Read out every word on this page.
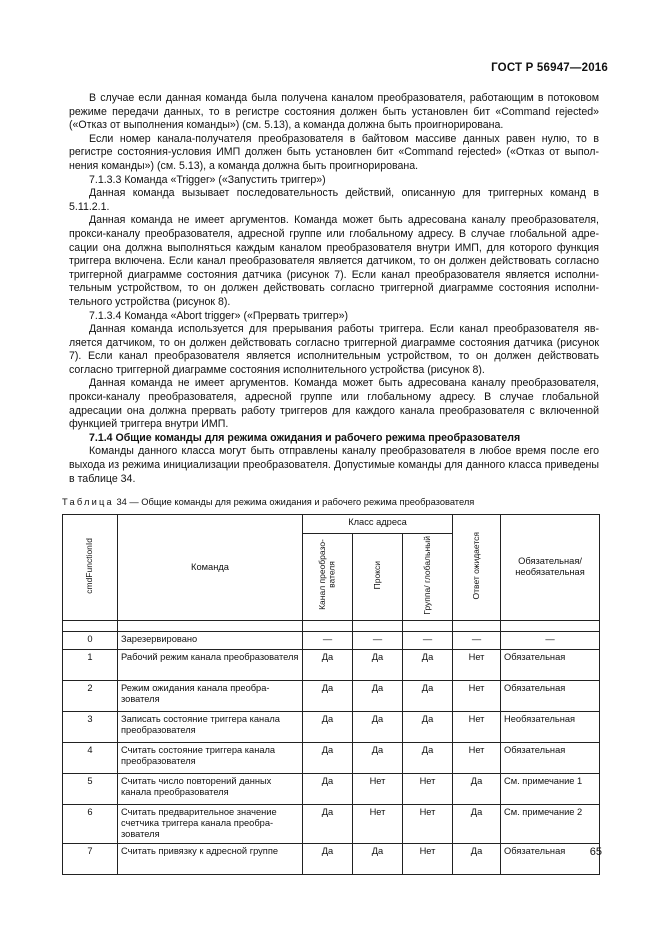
ГОСТ Р 56947—2016

В случае если данная команда была получена каналом преобразователя, работающим в потоковом режиме передачи данных, то в регистре состояния должен быть установлен бит «Command rejected» («Отказ от выполнения команды») (см. 5.13), а команда должна быть проигнорирована.

Если номер канала-получателя преобразователя в байтовом массиве данных равен нулю, то в регистре состояния-условия ИМП должен быть установлен бит «Command rejected» («Отказ от выполнения команды») (см. 5.13), а команда должна быть проигнорирована.

7.1.3.3 Команда «Trigger» («Запустить триггер»)

Данная команда вызывает последовательность действий, описанную для триггерных команд в 5.11.2.1.

Данная команда не имеет аргументов. Команда может быть адресована каналу преобразователя, прокси-каналу преобразователя, адресной группе или глобальному адресу. В случае глобальной адресации она должна выполняться каждым каналом преобразователя внутри ИМП, для которого функция триггера включена. Если канал преобразователя является датчиком, то он должен действовать согласно триггерной диаграмме состояния датчика (рисунок 7). Если канал преобразователя является исполнительным устройством, то он должен действовать согласно триггерной диаграмме состояния исполнительного устройства (рисунок 8).

7.1.3.4 Команда «Abort trigger» («Прервать триггер»)

Данная команда используется для прерывания работы триггера. Если канал преобразователя является датчиком, то он должен действовать согласно триггерной диаграмме состояния датчика (рисунок 7). Если канал преобразователя является исполнительным устройством, то он должен действовать согласно триггерной диаграмме состояния исполнительного устройства (рисунок 8).

Данная команда не имеет аргументов. Команда может быть адресована каналу преобразователя, прокси-каналу преобразователя, адресной группе или глобальному адресу. В случае глобальной адресации она должна прервать работу триггеров для каждого канала преобразователя с включенной функцией триггера внутри ИМП.

7.1.4 Общие команды для режима ожидания и рабочего режима преобразователя

Команды данного класса могут быть отправлены каналу преобразователя в любое время после его выхода из режима инициализации преобразователя. Допустимые команды для данного класса приведены в таблице 34.

Таблица 34 — Общие команды для режима ожидания и рабочего режима преобразователя
cmdFunctionId	Команда	Класс адреса			Ответ ожидается	Обязательная/ необязательная
		Канал преобразователя	Прокси	Группа/ глобальный		

0	Зарезервировано	—	—	—	—	—
1	Рабочий режим канала преобразователя	Да	Да	Да	Нет	Обязательная
2	Режим ожидания канала преобразователя	Да	Да	Да	Нет	Обязательная
3	Записать состояние триггера канала преобразователя	Да	Да	Да	Нет	Необязательная
4	Считать состояние триггера канала преобразователя	Да	Да	Да	Нет	Обязательная
5	Считать число повторений данных канала преобразователя	Да	Нет	Нет	Да	См. примечание 1
6	Считать предварительное значение счетчика триггера канала преобразователя	Да	Нет	Нет	Да	См. примечание 2
7	Считать привязку к адресной группе	Да	Да	Нет	Да	Обязательная 65
